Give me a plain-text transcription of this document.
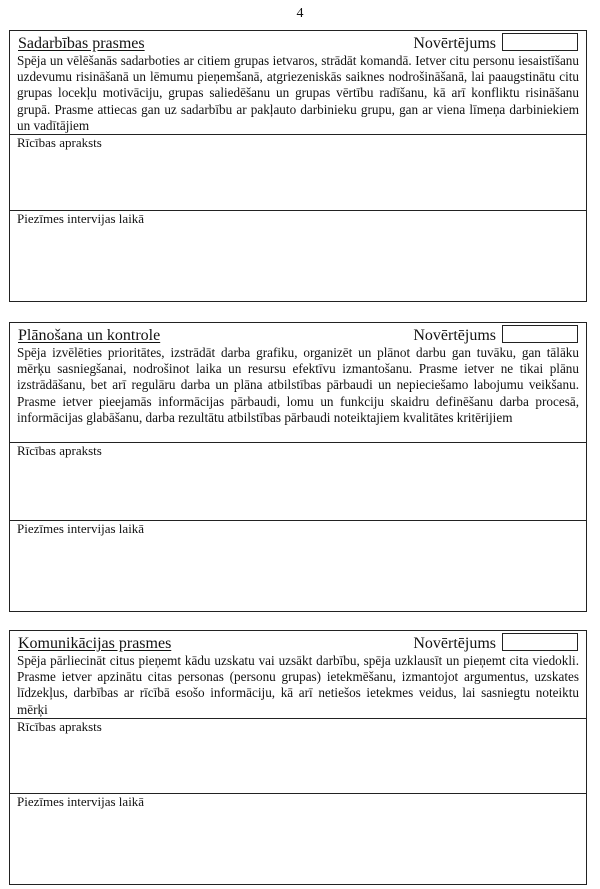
4
Sadarbības prasmes	Novērtējums
Spēja un vēlēšanās sadarboties ar citiem grupas ietvaros, strādāt komandā. Ietver citu personu iesaistīšanu uzdevumu risināšanā un lēmumu pieņemšanā, atgriezeniskās saiknes nodrošināšanā, lai paaugstinātu citu grupas locekļu motivāciju, grupas saliedēšanu un grupas vērtību radīšanu, kā arī konfliktu risināšanu grupā. Prasme attiecas gan uz sadarbību ar pakļauto darbinieku grupu, gan ar viena līmeņa darbiniekiem un vadītājiem
Rīcības apraksts
Piezīmes intervijas laikā
Plānošana un kontrole	Novērtējums
Spēja izvēlēties prioritātes, izstrādāt darba grafiku, organizēt un plānot darbu gan tuvāku, gan tālāku mērķu sasniegšanai, nodrošinot laika un resursu efektīvu izmantošanu. Prasme ietver ne tikai plānu izstrādāšanu, bet arī regulāru darba un plāna atbilstības pārbaudi un nepieciešamo labojumu veikšanu. Prasme ietver pieejamās informācijas pārbaudi, lomu un funkciju skaidru definēšanu darba procesā, informācijas glabāšanu, darba rezultātu atbilstības pārbaudi noteiktajiem kvalitātes kritērijiem
Rīcības apraksts
Piezīmes intervijas laikā
Komunikācijas prasmes	Novērtējums
Spēja pārliecināt citus pieņemt kādu uzskatu vai uzsākt darbību, spēja uzklausīt un pieņemt cita viedokli. Prasme ietver apzinātu citas personas (personu grupas) ietekmēšanu, izmantojot argumentus, uzskates līdzekļus, darbības ar rīcībā esošo informāciju, kā arī netiešos ietekmes veidus, lai sasniegtu noteiktu mērķi
Rīcības apraksts
Piezīmes intervijas laikā
